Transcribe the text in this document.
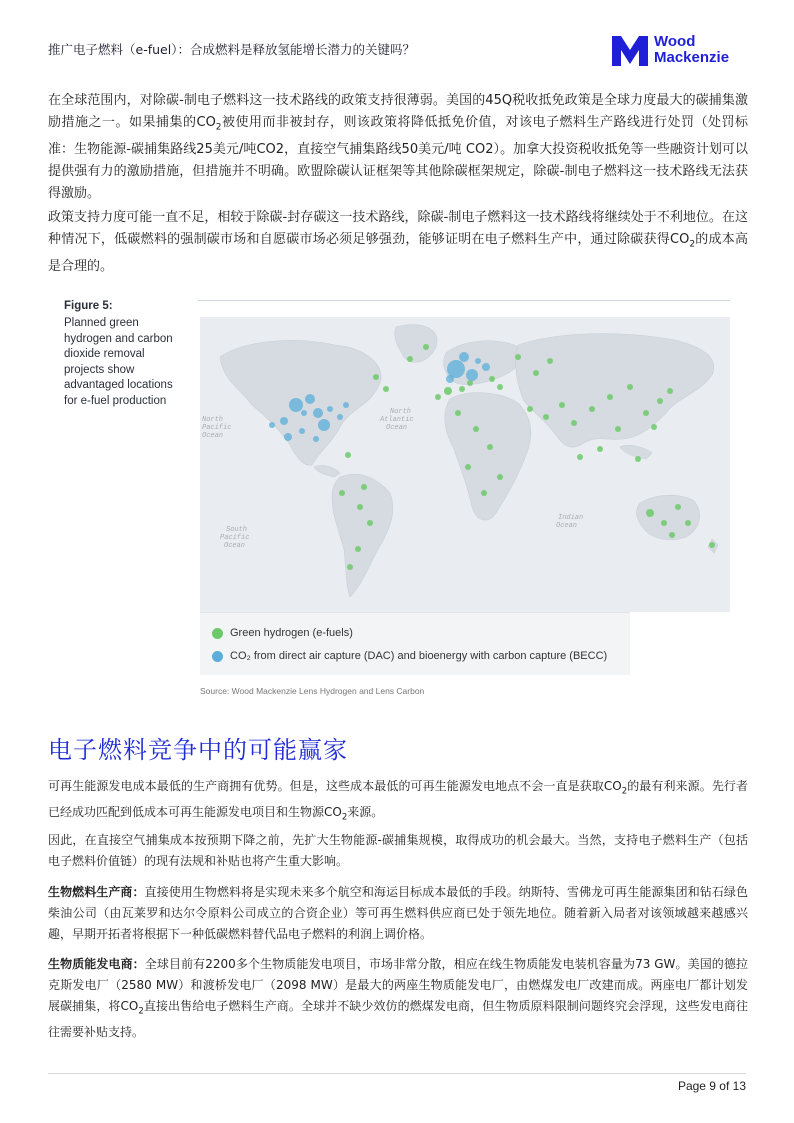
推广电子燃料（e-fuel）：合成燃料是释放氢能增长潜力的关键吗？	Wood
Mackenzie

在全球范围内，对除碳-制电子燃料这一技术路线的政策支持很薄弱。美国的45Q税收抵免政策是全球力度最大的碳捕集激励措施之一。如果捕集的$CO_2$被使用而非被封存，则该政策将降低抵免价值，对该电子燃料生产路线进行处罚（处罚标准：生物能源-碳捕集路线25美元/吨CO2，直接空气捕集路线50美元/吨 CO2）。加拿大投资税收抵免等一些融资计划可以提供强有力的激励措施，但措施并不明确。欧盟除碳认证框架等其他除碳框架规定，除碳-制电子燃料这一技术路线无法获得激励。

政策支持力度可能一直不足，相较于除碳-封存碳这一技术路线，除碳-制电子燃料这一技术路线将继续处于不利地位。在这种情况下，低碳燃料的强制碳市场和自愿碳市场必须足够强劲，能够证明在电子燃料生产中，通过除碳获得$CO_2$的成本高是合理的。

Figure 5:
Planned green hydrogen and carbon dioxide removal projects show advantaged locations for e-fuel production
North Pacific Ocean
North Atlantic Ocean
South Pacific Ocean
Indian Ocean
Green hydrogen (e-fuels)
CO₂ from direct air capture (DAC) and bioenergy with carbon capture (BECC)
Source: Wood Mackenzie Lens Hydrogen and Lens Carbon
电子燃料竞争中的可能赢家

可再生能源发电成本最低的生产商拥有优势。但是，这些成本最低的可再生能源发电地点不会一直是获取$CO_2$的最有利来源。先行者已经成功匹配到低成本可再生能源发电项目和生物源$CO_2$来源。

因此，在直接空气捕集成本按预期下降之前，先扩大生物能源-碳捕集规模，取得成功的机会最大。当然，支持电子燃料生产（包括电子燃料价值链）的现有法规和补贴也将产生重大影响。

生物燃料生产商：直接使用生物燃料将是实现未来多个航空和海运目标成本最低的手段。纳斯特、雪佛龙可再生能源集团和钻石绿色柴油公司（由瓦莱罗和达尔令原料公司成立的合资企业）等可再生燃料供应商已处于领先地位。随着新入局者对该领域越来越感兴趣，早期开拓者将根据下一种低碳燃料替代品电子燃料的利润上调价格。

生物质能发电商：全球目前有2200多个生物质能发电项目，市场非常分散，相应在线生物质能发电装机容量为73 GW。美国的德拉克斯发电厂（2580 MW）和渡桥发电厂（2098 MW）是最大的两座生物质能发电厂，由燃煤发电厂改建而成。两座电厂都计划发展碳捕集，将$CO_2$直接出售给电子燃料生产商。全球并不缺少效仿的燃煤发电商，但生物质原料限制问题终究会浮现，这些发电商往往需要补贴支持。

Page 9 of 13
